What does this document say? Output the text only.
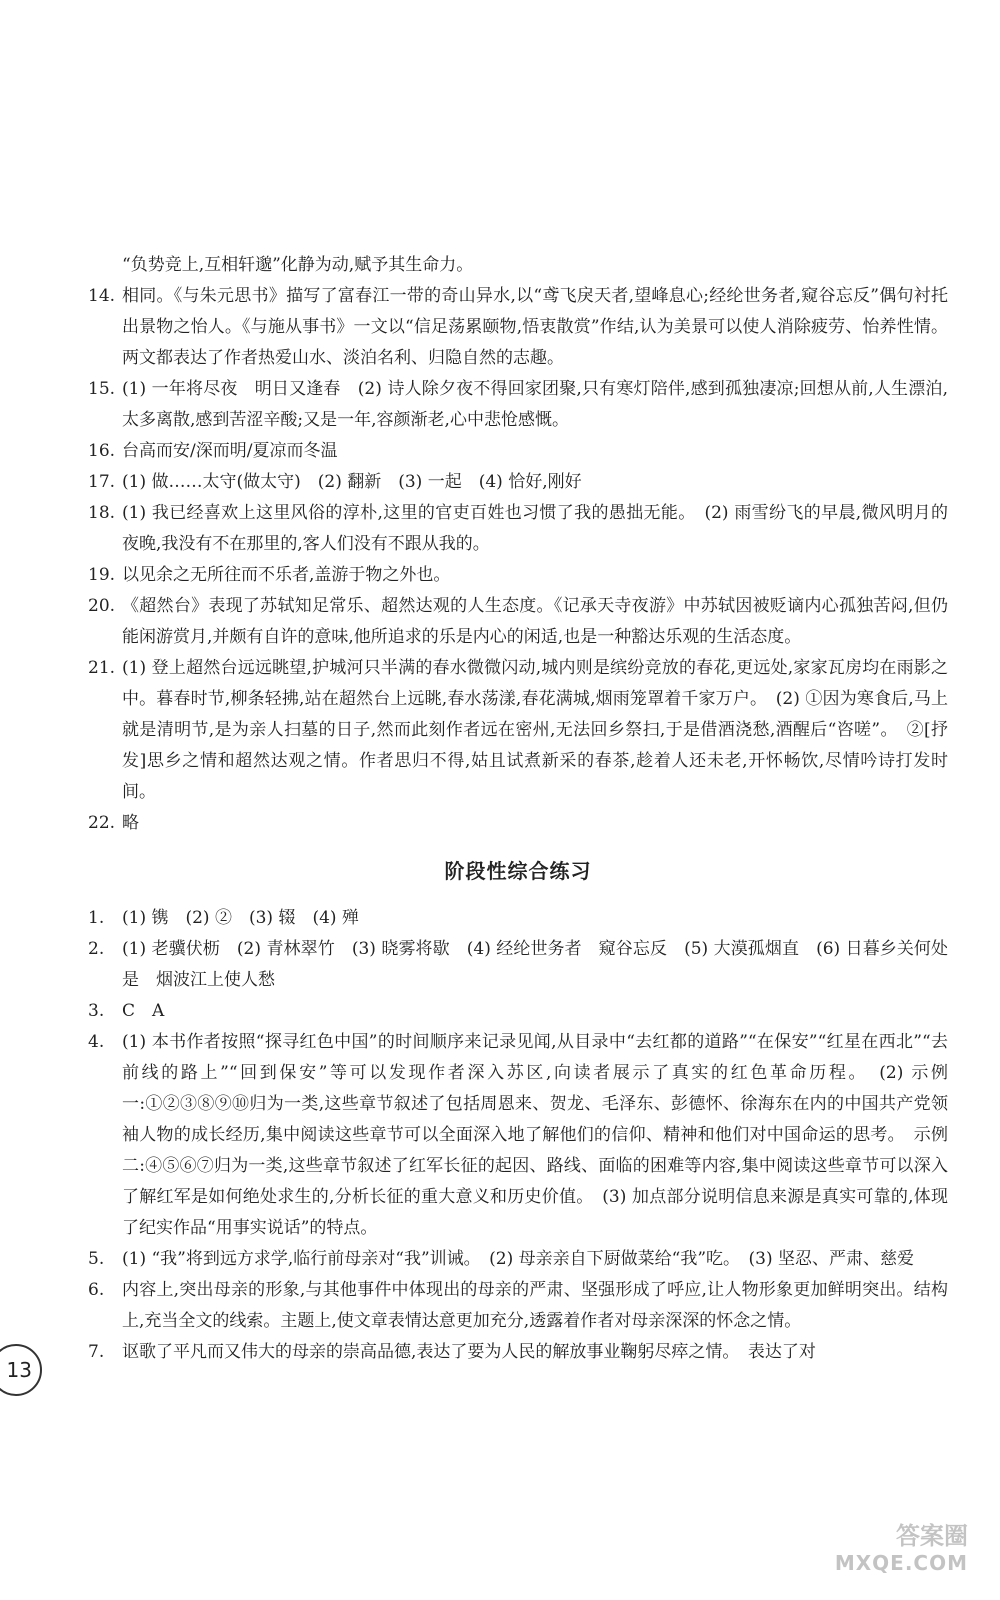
“负势竞上,互相轩邈”化静为动,赋予其生命力。

14. 相同。《与朱元思书》描写了富春江一带的奇山异水,以“鸢飞戾天者,望峰息心;经纶世务者,窥谷忘反”偶句衬托出景物之怡人。《与施从事书》一文以“信足荡累颐物,悟衷散赏”作结,认为美景可以使人消除疲劳、怡养性情。两文都表达了作者热爱山水、淡泊名利、归隐自然的志趣。
15. (1) 一年将尽夜　明日又逢春　(2) 诗人除夕夜不得回家团聚,只有寒灯陪伴,感到孤独凄凉;回想从前,人生漂泊,太多离散,感到苦涩辛酸;又是一年,容颜渐老,心中悲怆感慨。
16. 台高而安/深而明/夏凉而冬温
17. (1) 做……太守(做太守)　(2) 翻新　(3) 一起　(4) 恰好,刚好
18. (1) 我已经喜欢上这里风俗的淳朴,这里的官吏百姓也习惯了我的愚拙无能。　(2) 雨雪纷飞的早晨,微风明月的夜晚,我没有不在那里的,客人们没有不跟从我的。
19. 以见余之无所往而不乐者,盖游于物之外也。
20. 《超然台》表现了苏轼知足常乐、超然达观的人生态度。《记承天寺夜游》中苏轼因被贬谪内心孤独苦闷,但仍能闲游赏月,并颇有自许的意味,他所追求的乐是内心的闲适,也是一种豁达乐观的生活态度。
21. (1) 登上超然台远远眺望,护城河只半满的春水微微闪动,城内则是缤纷竞放的春花,更远处,家家瓦房均在雨影之中。暮春时节,柳条轻拂,站在超然台上远眺,春水荡漾,春花满城,烟雨笼罩着千家万户。　(2) ①因为寒食后,马上就是清明节,是为亲人扫墓的日子,然而此刻作者远在密州,无法回乡祭扫,于是借酒浇愁,酒醒后“咨嗟”。　②[抒发]思乡之情和超然达观之情。作者思归不得,姑且试煮新采的春茶,趁着人还未老,开怀畅饮,尽情吟诗打发时间。
22. 略
阶段性综合练习
1.	(1) 镌　(2) ②　(3) 辍　(4) 殚
2.	(1) 老骥伏枥　(2) 青林翠竹　(3) 晓雾将歇　(4) 经纶世务者　窥谷忘反　(5) 大漠孤烟直　(6) 日暮乡关何处是　烟波江上使人愁
3.	C　A
4.	(1) 本书作者按照“探寻红色中国”的时间顺序来记录见闻,从目录中“去红都的道路”“在保安”“红星在西北”“去前线的路上”“回到保安”等可以发现作者深入苏区,向读者展示了真实的红色革命历程。　(2) 示例一:①②③⑧⑨⑩归为一类,这些章节叙述了包括周恩来、贺龙、毛泽东、彭德怀、徐海东在内的中国共产党领袖人物的成长经历,集中阅读这些章节可以全面深入地了解他们的信仰、精神和他们对中国命运的思考。　示例二:④⑤⑥⑦归为一类,这些章节叙述了红军长征的起因、路线、面临的困难等内容,集中阅读这些章节可以深入了解红军是如何绝处求生的,分析长征的重大意义和历史价值。　(3) 加点部分说明信息来源是真实可靠的,体现了纪实作品“用事实说话”的特点。
5.	(1) “我”将到远方求学,临行前母亲对“我”训诫。　(2) 母亲亲自下厨做菜给“我”吃。　(3) 坚忍、严肃、慈爱
6.	内容上,突出母亲的形象,与其他事件中体现出的母亲的严肃、坚强形成了呼应,让人物形象更加鲜明突出。结构上,充当全文的线索。主题上,使文章表情达意更加充分,透露着作者对母亲深深的怀念之情。
7.	讴歌了平凡而又伟大的母亲的崇高品德,表达了要为人民的解放事业鞠躬尽瘁之情。　表达了对
13
答案圈
MXQE.COM
